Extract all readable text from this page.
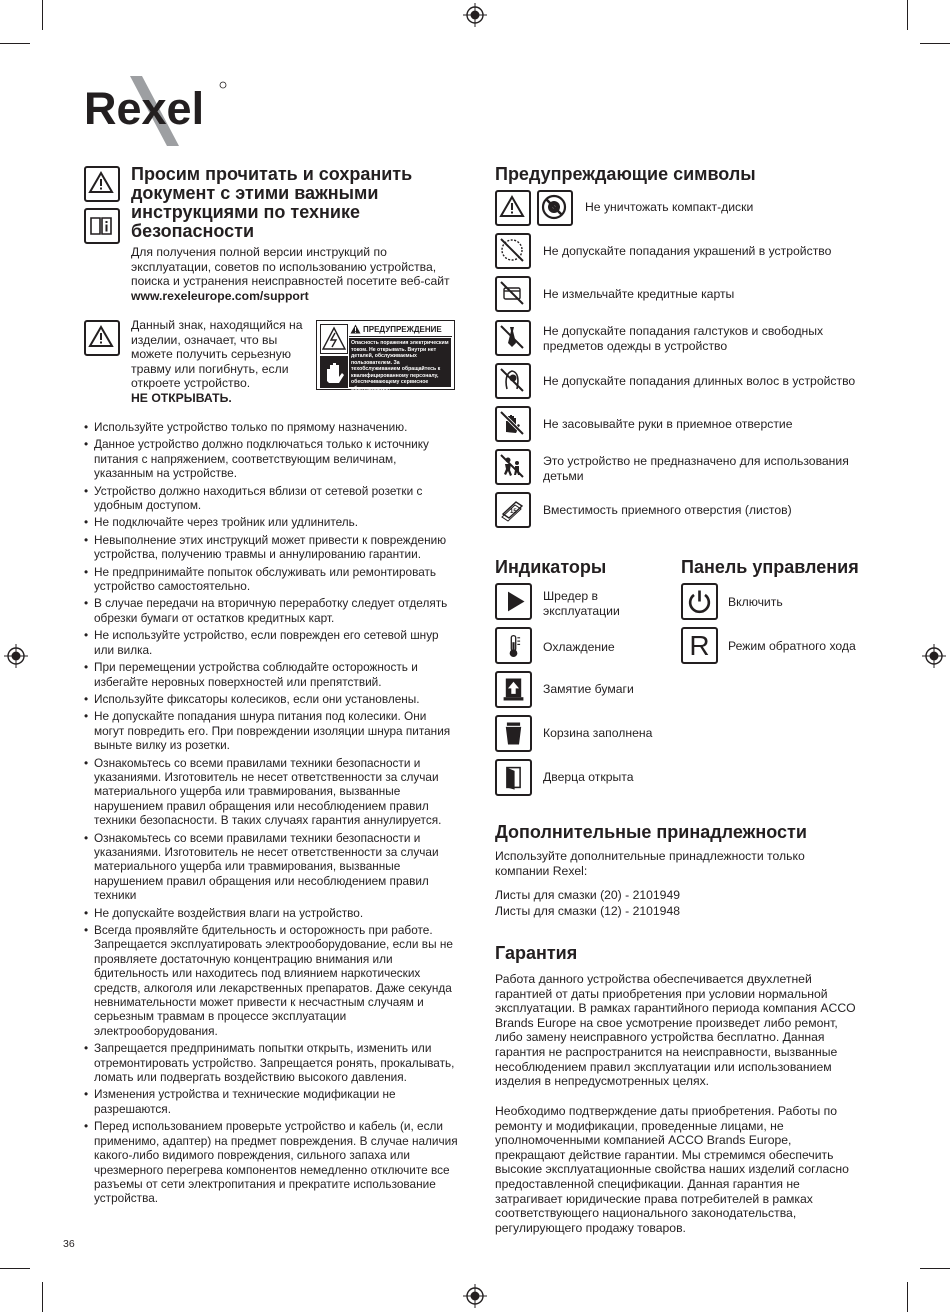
Rexel

Просим прочитать и сохранить документ с этими важными инструкциями по технике безопасности

Для получения полной версии инструкций по эксплуатации, советов по использованию устройства, поиска и устранения неисправностей посетите веб-сайт www.rexeleurope.com/support

Данный знак, находящийся на изделии, означает, что вы можете получить серьезную травму или погибнуть, если откроете устройство.
НЕ ОТКРЫВАТЬ.

ПРЕДУПРЕЖДЕНИЕ
Опасность поражения электрическим током. Не открывать. Внутри нет деталей, обслуживаемых пользователем. За техобслуживанием обращайтесь к квалифицированному персоналу, обеспечивающему сервисное обслуживание.
• Используйте устройство только по прямому назначению.
• Данное устройство должно подключаться только к источнику питания с напряжением, соответствующим величинам, указанным на устройстве.
• Устройство должно находиться вблизи от сетевой розетки с удобным доступом.
• Не подключайте через тройник или удлинитель.
• Невыполнение этих инструкций может привести к повреждению устройства, получению травмы и аннулированию гарантии.
• Не предпринимайте попыток обслуживать или ремонтировать устройство самостоятельно.
• В случае передачи на вторичную переработку следует отделять обрезки бумаги от остатков кредитных карт.
• Не используйте устройство, если поврежден его сетевой шнур или вилка.
• При перемещении устройства соблюдайте осторожность и избегайте неровных поверхностей или препятствий.
• Используйте фиксаторы колесиков, если они установлены.
• Не допускайте попадания шнура питания под колесики. Они могут повредить его. При повреждении изоляции шнура питания выньте вилку из розетки.
• Ознакомьтесь со всеми правилами техники безопасности и указаниями. Изготовитель не несет ответственности за случаи материального ущерба или травмирования, вызванные нарушением правил обращения или несоблюдением правил техники безопасности. В таких случаях гарантия аннулируется.
• Ознакомьтесь со всеми правилами техники безопасности и указаниями. Изготовитель не несет ответственности за случаи материального ущерба или травмирования, вызванные нарушением правил обращения или несоблюдением правил техники
• Не допускайте воздействия влаги на устройство.
• Всегда проявляйте бдительность и осторожность при работе. Запрещается эксплуатировать электрооборудование, если вы не проявляете достаточную концентрацию внимания или бдительность или находитесь под влиянием наркотических средств, алкоголя или лекарственных препаратов. Даже секунда невнимательности может привести к несчастным случаям и серьезным травмам в процессе эксплуатации электрооборудования.
• Запрещается предпринимать попытки открыть, изменить или отремонтировать устройство. Запрещается ронять, прокалывать, ломать или подвергать воздействию высокого давления.
• Изменения устройства и технические модификации не разрешаются.
• Перед использованием проверьте устройство и кабель (и, если применимо, адаптер) на предмет повреждения. В случае наличия какого-либо видимого повреждения, сильного запаха или чрезмерного перегрева компонентов немедленно отключите все разъемы от сети электропитания и прекратите использование устройства.
36

Предупреждающие символы

Не уничтожать компакт-диски
Не допускайте попадания украшений в устройство
Не измельчайте кредитные карты
Не допускайте попадания галстуков и свободных предметов одежды в устройство
Не допускайте попадания длинных волос в устройство
Не засовывайте руки в приемное отверстие
Это устройство не предназначено для использования детьми
15 Вместимость приемного отверстия (листов)

Индикаторы

Шредер в эксплуатации
Охлаждение
Замятие бумаги
Корзина заполнена
Дверца открыта

Панель управления

Включить
R	Режим обратного хода

Дополнительные принадлежности

Используйте дополнительные принадлежности только компании Rexel:

Листы для смазки (20) - 2101949
Листы для смазки (12) - 2101948

Гарантия

Работа данного устройства обеспечивается двухлетней гарантией от даты приобретения при условии нормальной эксплуатации. В рамках гарантийного периода компания ACCO Brands Europe на свое усмотрение произведет либо ремонт, либо замену неисправного устройства бесплатно. Данная гарантия не распространится на неисправности, вызванные несоблюдением правил эксплуатации или использованием изделия в непредусмотренных целях.

Необходимо подтверждение даты приобретения. Работы по ремонту и модификации, проведенные лицами, не уполномоченными компанией ACCO Brands Europe, прекращают действие гарантии. Мы стремимся обеспечить высокие эксплуатационные свойства наших изделий согласно предоставленной спецификации. Данная гарантия не затрагивает юридические права потребителей в рамках соответствующего национального законодательства, регулирующего продажу товаров.
